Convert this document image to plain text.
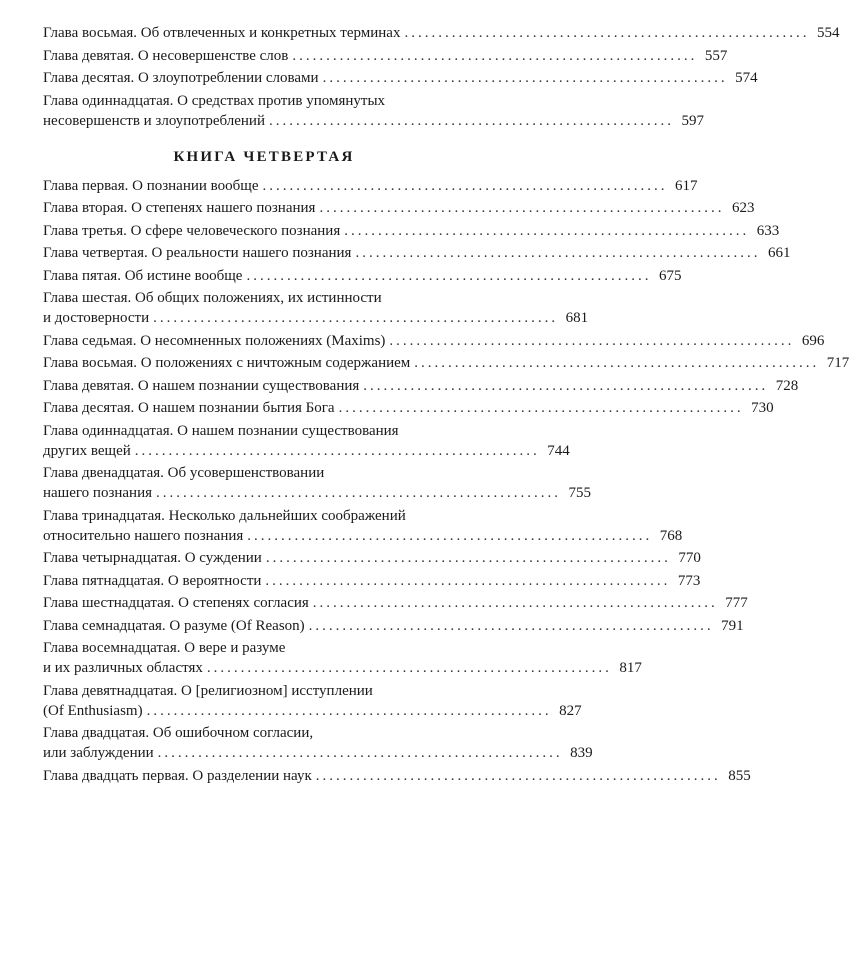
Глава восьмая. Об отвлеченных и конкретных терминах ............................................................ 554
Глава девятая. О несовершенстве слов ............................................................ 557
Глава десятая. О злоупотреблении словами ............................................................ 574
Глава одиннадцатая. О средствах против упомянутых
несовершенств и злоупотреблений ............................................................ 597
КНИГА ЧЕТВЕРТАЯ
Глава первая. О познании вообще ............................................................ 617
Глава вторая. О степенях нашего познания ............................................................ 623
Глава третья. О сфере человеческого познания ............................................................ 633
Глава четвертая. О реальности нашего познания ............................................................ 661
Глава пятая. Об истине вообще ............................................................ 675
Глава шестая. Об общих положениях, их истинности
и достоверности ............................................................ 681
Глава седьмая. О несомненных положениях (Maxims) ............................................................ 696
Глава восьмая. О положениях с ничтожным содержанием ............................................................ 717
Глава девятая. О нашем познании существования ............................................................ 728
Глава десятая. О нашем познании бытия Бога ............................................................ 730
Глава одиннадцатая. О нашем познании существования
других вещей ............................................................ 744
Глава двенадцатая. Об усовершенствовании
нашего познания ............................................................ 755
Глава тринадцатая. Несколько дальнейших соображений
относительно нашего познания ............................................................ 768
Глава четырнадцатая. О суждении ............................................................ 770
Глава пятнадцатая. О вероятности ............................................................ 773
Глава шестнадцатая. О степенях согласия ............................................................ 777
Глава семнадцатая. О разуме (Of Reason) ............................................................ 791
Глава восемнадцатая. О вере и разуме
и их различных областях ............................................................ 817
Глава девятнадцатая. О [религиозном] исступлении
(Of Enthusiasm) ............................................................ 827
Глава двадцатая. Об ошибочном согласии,
или заблуждении ............................................................ 839
Глава двадцать первая. О разделении наук ............................................................ 855
